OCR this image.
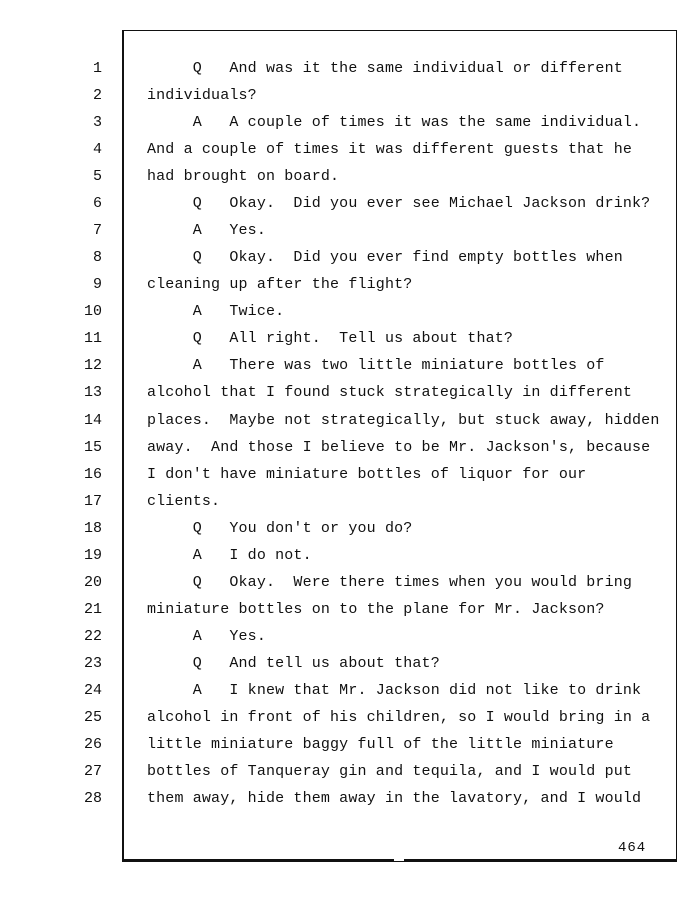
1	Q   And was it the same individual or different
2	individuals?
3	A   A couple of times it was the same individual.
4	And a couple of times it was different guests that he
5	had brought on board.
6	Q   Okay.  Did you ever see Michael Jackson drink?
7	A   Yes.
8	Q   Okay.  Did you ever find empty bottles when
9	cleaning up after the flight?
10	A   Twice.
11	Q   All right.  Tell us about that?
12	A   There was two little miniature bottles of
13	alcohol that I found stuck strategically in different
14	places.  Maybe not strategically, but stuck away, hidden
15	away.  And those I believe to be Mr. Jackson's, because
16	I don't have miniature bottles of liquor for our
17	clients.
18	Q   You don't or you do?
19	A   I do not.
20	Q   Okay.  Were there times when you would bring
21	miniature bottles on to the plane for Mr. Jackson?
22	A   Yes.
23	Q   And tell us about that?
24	A   I knew that Mr. Jackson did not like to drink
25	alcohol in front of his children, so I would bring in a
26	little miniature baggy full of the little miniature
27	bottles of Tanqueray gin and tequila, and I would put
28	them away, hide them away in the lavatory, and I would
464
